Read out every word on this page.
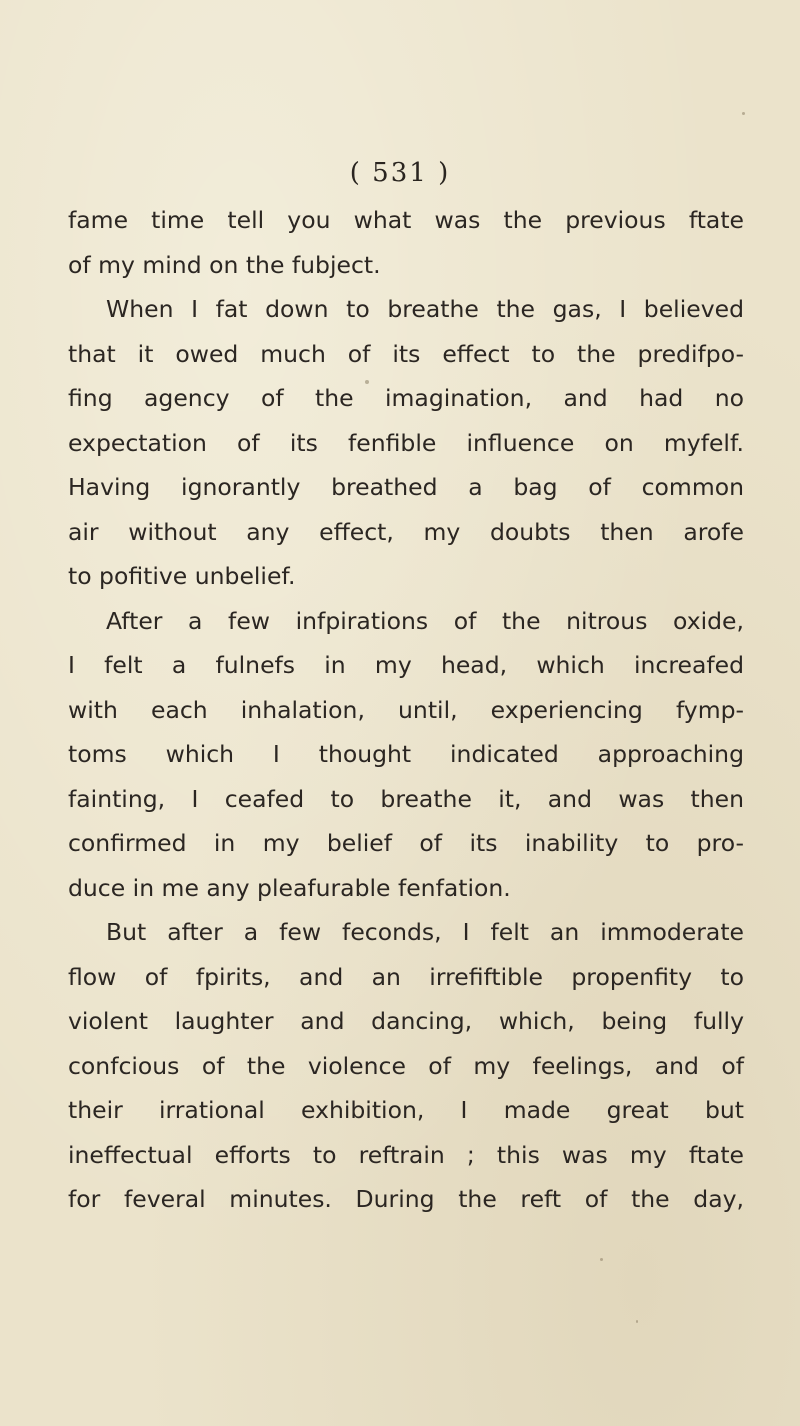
( 531 )
fame time tell you what was the previous ftate
of my mind on the fubject.
When I fat down to breathe the gas, I believed
that it owed much of its effect to the predifpo-
fing agency of the imagination, and had no
expectation of its fenfible influence on myfelf.
Having ignorantly breathed a bag of common
air without any effect, my doubts then arofe
to pofitive unbelief.
After a few infpirations of the nitrous oxide,
I felt a fulnefs in my head, which increafed
with each inhalation, until, experiencing fymp-
toms which I thought indicated approaching
fainting, I ceafed to breathe it, and was then
confirmed in my belief of its inability to pro-
duce in me any pleafurable fenfation.
But after a few feconds, I felt an immoderate
flow of fpirits, and an irrefiftible propenfity to
violent laughter and dancing, which, being fully
confcious of the violence of my feelings, and of
their irrational exhibition, I made great but
ineffectual efforts to reftrain ; this was my ftate
for feveral minutes. During the reft of the day,
